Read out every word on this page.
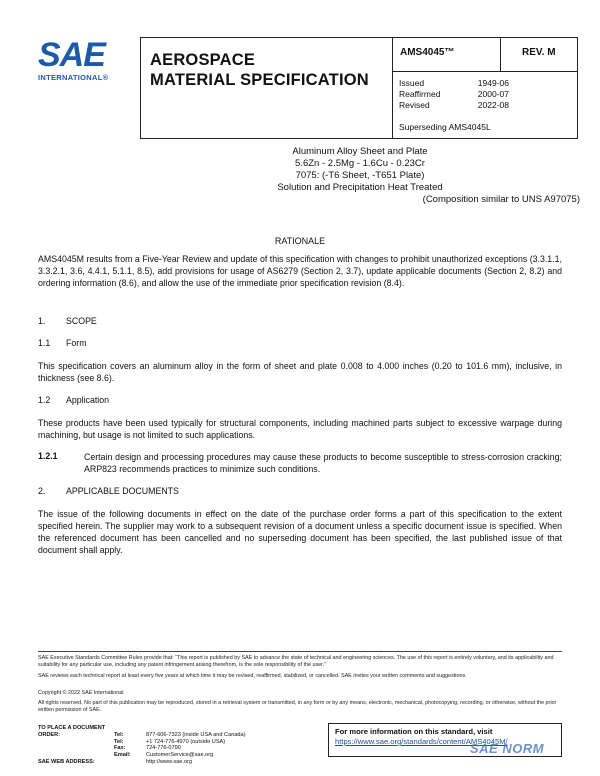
SAE
INTERNATIONAL®
AEROSPACE
MATERIAL SPECIFICATION
AMS4045™	REV. M
Issued	1949-06
Reaffirmed	2000-07
Revised	2022-08
Superseding AMS4045L
Aluminum Alloy Sheet and Plate
5.6Zn - 2.5Mg - 1.6Cu - 0.23Cr
7075: (-T6 Sheet, -T651 Plate)
Solution and Precipitation Heat Treated
(Composition similar to UNS A97075)
RATIONALE
AMS4045M results from a Five-Year Review and update of this specification with changes to prohibit unauthorized exceptions (3.3.1.1, 3.3.2.1, 3.6, 4.4.1, 5.1.1, 8.5), add provisions for usage of AS6279 (Section 2, 3.7), update applicable documents (Section 2, 8.2) and ordering information (8.6), and allow the use of the immediate prior specification revision (8.4).
1. SCOPE
1.1 Form
This specification covers an aluminum alloy in the form of sheet and plate 0.008 to 4.000 inches (0.20 to 101.6 mm), inclusive, in thickness (see 8.6).
1.2 Application
These products have been used typically for structural components, including machined parts subject to excessive warpage during machining, but usage is not limited to such applications.
1.2.1	Certain design and processing procedures may cause these products to become susceptible to stress-corrosion cracking; ARP823 recommends practices to minimize such conditions.
2. APPLICABLE DOCUMENTS
The issue of the following documents in effect on the date of the purchase order forms a part of this specification to the extent specified herein. The supplier may work to a subsequent revision of a document unless a specific document issue is specified. When the referenced document has been cancelled and no superseding document has been specified, the last published issue of that document shall apply.
SAE Executive Standards Committee Rules provide that: “This report is published by SAE to advance the state of technical and engineering sciences. The use of this report is entirely voluntary, and its applicability and suitability for any particular use, including any patent infringement arising therefrom, is the sole responsibility of the user.”
SAE reviews each technical report at least every five years at which time it may be revised, reaffirmed, stabilized, or cancelled. SAE invites your written comments and suggestions.
Copyright © 2022 SAE International
All rights reserved. No part of this publication may be reproduced, stored in a retrieval system or transmitted, in any form or by any means, electronic, mechanical, photocopying, recording, or otherwise, without the prior written permission of SAE.
TO PLACE A DOCUMENT ORDER:	Tel:	877-606-7323 (inside USA and Canada)
Tel:	+1 724-776-4970 (outside USA)
Fax:	724-776-0790
Email:	CustomerService@sae.org
SAE WEB ADDRESS:	http://www.sae.org
For more information on this standard, visit
https://www.sae.org/standards/content/AMS4045M/
SAE NORM
